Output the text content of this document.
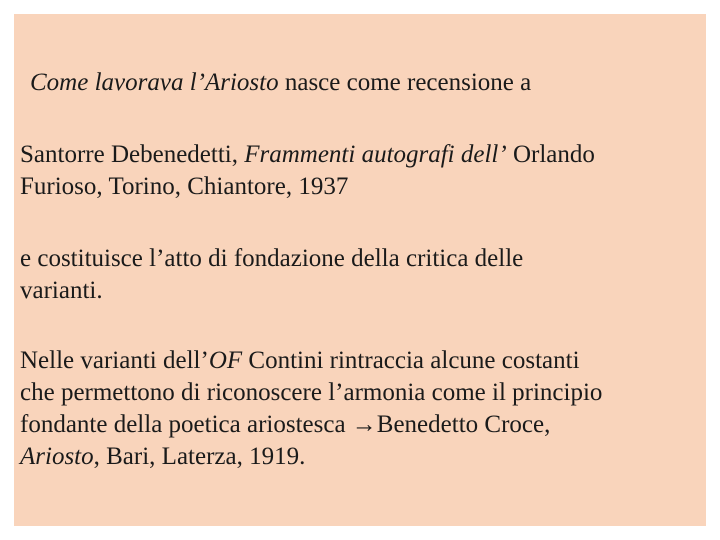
Come lavorava l’Ariosto nasce come recensione a
Santorre Debenedetti, Frammenti autografi dell’ Orlando
Furioso, Torino, Chiantore, 1937
e costituisce l’atto di fondazione della critica delle
varianti.
Nelle varianti dell’OF Contini rintraccia alcune costanti
che permettono di riconoscere l’armonia come il principio
fondante della poetica ariostesca →Benedetto Croce,
Ariosto, Bari, Laterza, 1919.
